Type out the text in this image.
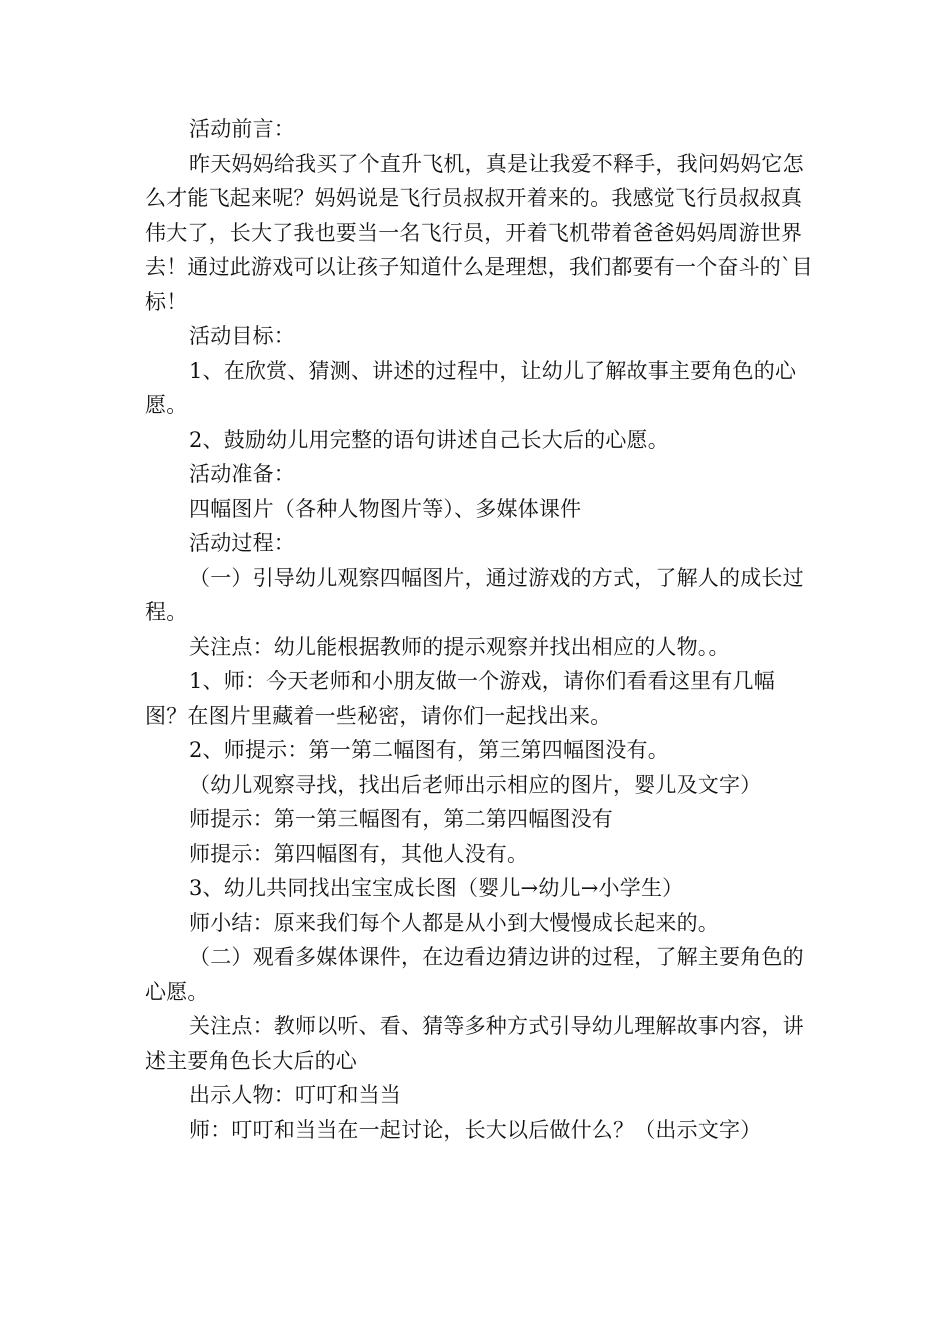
活动前言：

昨天妈妈给我买了个直升飞机，真是让我爱不释手，我问妈妈它怎么才能飞起来呢？妈妈说是飞行员叔叔开着来的。我感觉飞行员叔叔真伟大了，长大了我也要当一名飞行员，开着飞机带着爸爸妈妈周游世界去！通过此游戏可以让孩子知道什么是理想，我们都要有一个奋斗的`目标！

活动目标：

1、在欣赏、猜测、讲述的过程中，让幼儿了解故事主要角色的心愿。

2、鼓励幼儿用完整的语句讲述自己长大后的心愿。

活动准备：

四幅图片（各种人物图片等）、多媒体课件

活动过程：

（一）引导幼儿观察四幅图片，通过游戏的方式，了解人的成长过程。

关注点：幼儿能根据教师的提示观察并找出相应的人物。。

1、师：今天老师和小朋友做一个游戏，请你们看看这里有几幅图？在图片里藏着一些秘密，请你们一起找出来。

2、师提示：第一第二幅图有，第三第四幅图没有。

（幼儿观察寻找，找出后老师出示相应的图片，婴儿及文字）

师提示：第一第三幅图有，第二第四幅图没有

师提示：第四幅图有，其他人没有。

3、幼儿共同找出宝宝成长图（婴儿→幼儿→小学生）

师小结：原来我们每个人都是从小到大慢慢成长起来的。

（二）观看多媒体课件，在边看边猜边讲的过程，了解主要角色的心愿。

关注点：教师以听、看、猜等多种方式引导幼儿理解故事内容，讲述主要角色长大后的心

出示人物：叮叮和当当

师：叮叮和当当在一起讨论，长大以后做什么？（出示文字）
